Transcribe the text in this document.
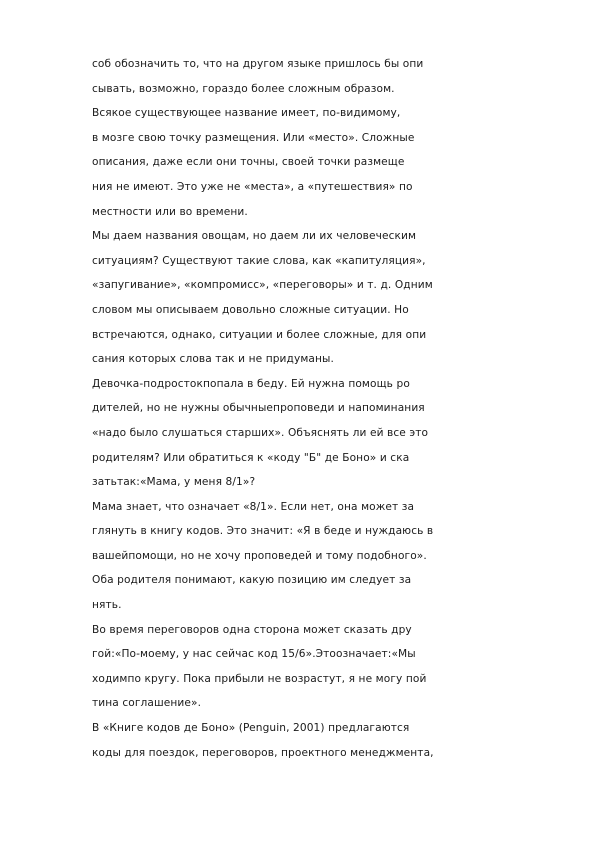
соб обозначить то, что на другом языке пришлось бы опи
сывать, возможно, гораздо более сложным образом.
Всякое существующее название имеет, по-видимому,
в мозге свою точку размещения. Или «место». Сложные
описания, даже если они точны, своей точки размеще
ния не имеют. Это уже не «места», а «путешествия» по
местности или во времени.
Мы даем названия овощам, но даем ли их человеческим
ситуациям? Существуют такие слова, как «капитуляция»,
«запугивание», «компромисс», «переговоры» и т. д. Одним
словом мы описываем довольно сложные ситуации. Но
встречаются, однако, ситуации и более сложные, для опи
сания которых слова так и не придуманы.
Девочка-подростокпопала в беду. Ей нужна помощь ро
дителей, но не нужны обычныепроповеди и напоминания
«надо было слушаться старших». Объяснять ли ей все это
родителям? Или обратиться к «коду "Б" де Боно» и ска
затьтак:«Мама, у меня 8/1»?
Мама знает, что означает «8/1». Если нет, она может за
глянуть в книгу кодов. Это значит: «Я в беде и нуждаюсь в
вашейпомощи, но не хочу проповедей и тому подобного».
Оба родителя понимают, какую позицию им следует за
нять.
Во время переговоров одна сторона может сказать дру
гой:«По-моему, у нас сейчас код 15/6».Этоозначает:«Мы
ходимпо кругу. Пока прибыли не возрастут, я не могу пой
тина соглашение».
В «Книге кодов де Боно» (Penguin, 2001) предлагаются
коды для поездок, переговоров, проектного менеджмента,
